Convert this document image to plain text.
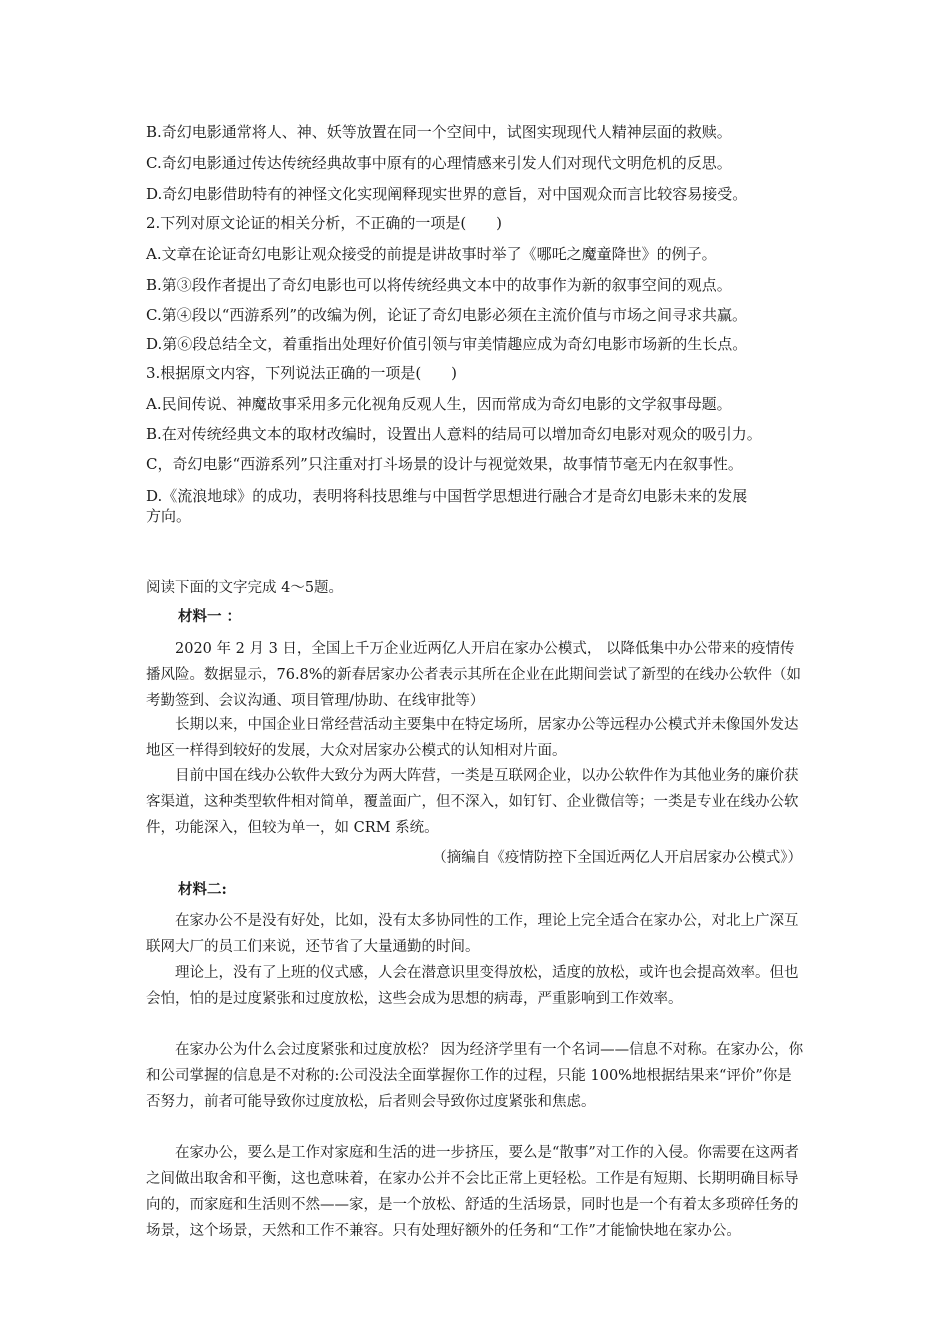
B.奇幻电影通常将人、神、妖等放置在同一个空间中，试图实现现代人精神层面的救赎。
C.奇幻电影通过传达传统经典故事中原有的心理情感来引发人们对现代文明危机的反思。
D.奇幻电影借助特有的神怪文化实现阐释现实世界的意旨，对中国观众而言比较容易接受。
2.下列对原文论证的相关分析，不正确的一项是(　　)
A.文章在论证奇幻电影让观众接受的前提是讲故事时举了《哪吒之魔童降世》的例子。
B.第③段作者提出了奇幻电影也可以将传统经典文本中的故事作为新的叙事空间的观点。
C.第④段以“西游系列”的改编为例，论证了奇幻电影必须在主流价值与市场之间寻求共赢。
D.第⑥段总结全文，着重指出处理好价值引领与审美情趣应成为奇幻电影市场新的生长点。
3.根据原文内容，下列说法正确的一项是(　　)
A.民间传说、神魔故事采用多元化视角反观人生，因而常成为奇幻电影的文学叙事母题。
B.在对传统经典文本的取材改编时，设置出人意料的结局可以增加奇幻电影对观众的吸引力。
C，奇幻电影“西游系列”只注重对打斗场景的设计与视觉效果，故事情节毫无内在叙事性。
D.《流浪地球》的成功，表明将科技思维与中国哲学思想进行融合才是奇幻电影未来的发展
方向。
阅读下面的文字完成 4～5题。
材料一 ：
2020 年 2 月 3 日，全国上千万企业近两亿人开启在家办公模式， 以降低集中办公带来的疫情传播风险。数据显示，76.8%的新春居家办公者表示其所在企业在此期间尝试了新型的在线办公软件（如考勤签到、会议沟通、项目管理/协助、在线审批等）
长期以来，中国企业日常经营活动主要集中在特定场所，居家办公等远程办公模式并未像国外发达地区一样得到较好的发展，大众对居家办公模式的认知相对片面。
目前中国在线办公软件大致分为两大阵营，一类是互联网企业，以办公软件作为其他业务的廉价获客渠道，这种类型软件相对简单，覆盖面广，但不深入，如钉钉、企业微信等；一类是专业在线办公软件，功能深入，但较为单一，如 CRM 系统。
（摘编自《疫情防控下全国近两亿人开启居家办公模式》）
材料二:
在家办公不是没有好处，比如，没有太多协同性的工作，理论上完全适合在家办公，对北上广深互联网大厂的员工们来说，还节省了大量通勤的时间。
理论上，没有了上班的仪式感，人会在潜意识里变得放松，适度的放松，或许也会提高效率。但也会怕，怕的是过度紧张和过度放松，这些会成为思想的病毒，严重影响到工作效率。
在家办公为什么会过度紧张和过度放松？ 因为经济学里有一个名词——信息不对称。在家办公，你和公司掌握的信息是不对称的:公司没法全面掌握你工作的过程，只能 100%地根据结果来“评价”你是否努力，前者可能导致你过度放松，后者则会导致你过度紧张和焦虑。
在家办公，要么是工作对家庭和生活的进一步挤压，要么是“散事”对工作的入侵。你需要在这两者之间做出取舍和平衡，这也意味着，在家办公并不会比正常上更轻松。工作是有短期、长期明确目标导向的，而家庭和生活则不然——家，是一个放松、舒适的生活场景，同时也是一个有着太多琐碎任务的场景，这个场景，天然和工作不兼容。只有处理好额外的任务和“工作”才能愉快地在家办公。
